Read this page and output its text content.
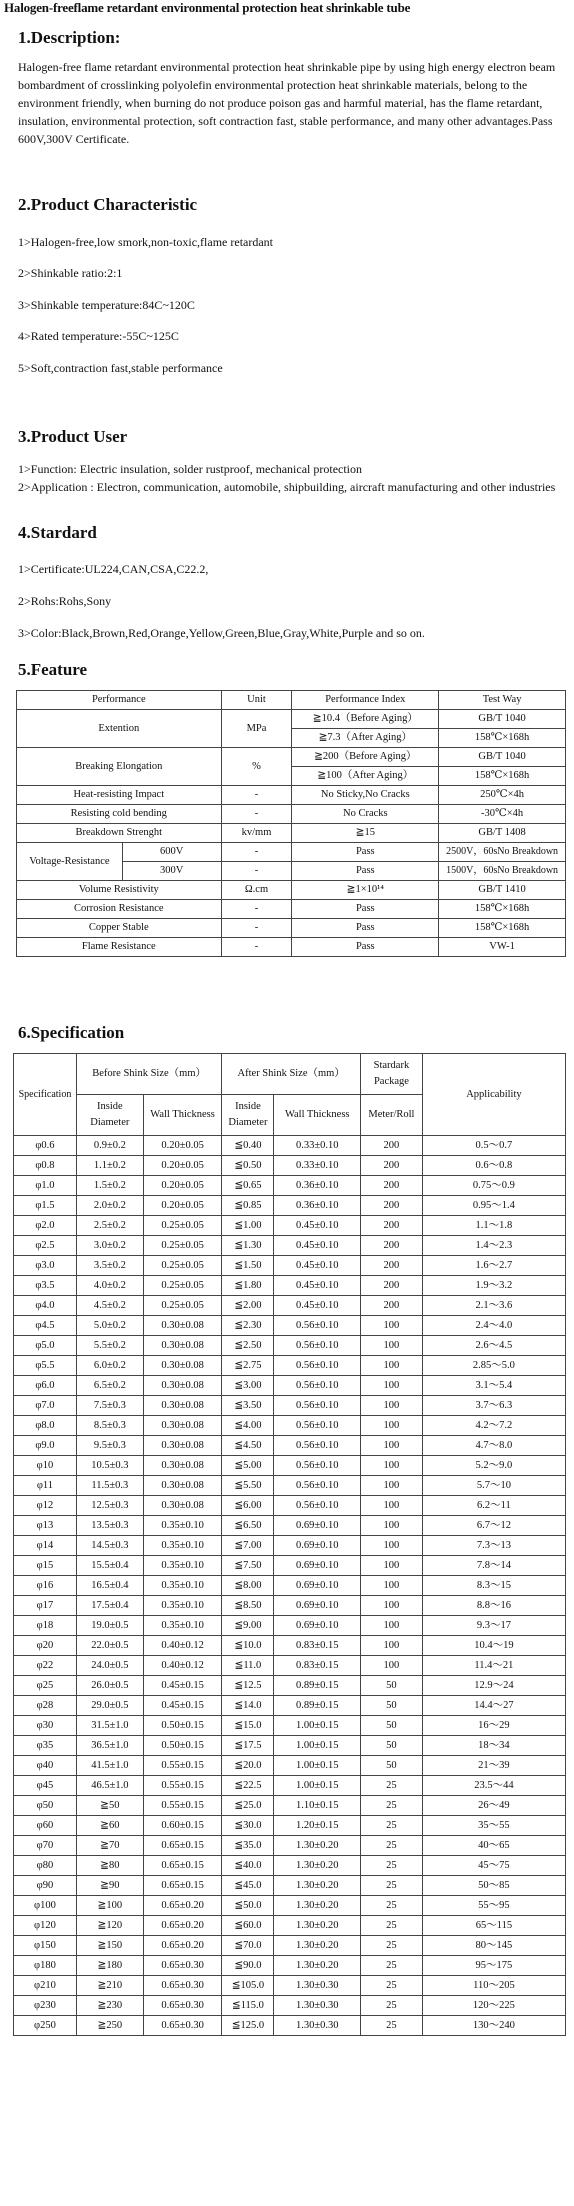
Halogen-freeflame retardant environmental protection heat shrinkable tube
1.Description:
Halogen-free flame retardant environmental protection heat shrinkable pipe by using high energy electron beam bombardment of crosslinking polyolefin environmental protection heat shrinkable materials, belong to the environment friendly, when burning do not produce poison gas and harmful material, has the flame retardant, insulation, environmental protection, soft contraction fast, stable performance, and many other advantages.Pass 600V,300V Certificate.
2.Product Characteristic
1>Halogen-free,low smork,non-toxic,flame retardant
2>Shinkable ratio:2:1
3>Shinkable temperature:84C~120C
4>Rated temperature:-55C~125C
5>Soft,contraction fast,stable performance
3.Product User
1>Function: Electric insulation, solder rustproof, mechanical protection
2>Application : Electron, communication, automobile, shipbuilding, aircraft manufacturing and other industries
4.Stardard
1>Certificate:UL224,CAN,CSA,C22.2,
2>Rohs:Rohs,Sony
3>Color:Black,Brown,Red,Orange,Yellow,Green,Blue,Gray,White,Purple and so on.
5.Feature
Performance		Unit	Performance Index	Test Way
Extention		MPa	≧10.4（Before Aging）	GB/T 1040
			≧7.3（After Aging）	158℃×168h
Breaking Elongation		%	≧200（Before Aging）	GB/T 1040
			≧100（After Aging）	158℃×168h
Heat-resisting Impact		-	No Sticky,No Cracks	250℃×4h
Resisting cold bending		-	No Cracks	-30℃×4h
Breakdown Strenght		kv/mm	≧15	GB/T 1408
Voltage-Resistance	600V	-	Pass	2500V，60sNo Breakdown
	300V	-	Pass	1500V，60sNo Breakdown
Volume Resistivity		Ω.cm	≧1×10¹⁴	GB/T 1410
Corrosion Resistance		-	Pass	158℃×168h
Copper Stable		-	Pass	158℃×168h
Flame Resistance		-	Pass	VW-1
6.Specification
Specification	Before Shink Size（mm）		After Shink Size（mm）		Stardark Package	Applicability
	Inside Diameter	Wall Thickness	Inside Diameter	Wall Thickness	Meter/Roll	
φ0.6	0.9±0.2	0.20±0.05	≦0.40	0.33±0.10	200	0.5～0.7
φ0.8	1.1±0.2	0.20±0.05	≦0.50	0.33±0.10	200	0.6～0.8
φ1.0	1.5±0.2	0.20±0.05	≦0.65	0.36±0.10	200	0.75～0.9
φ1.5	2.0±0.2	0.20±0.05	≦0.85	0.36±0.10	200	0.95～1.4
φ2.0	2.5±0.2	0.25±0.05	≦1.00	0.45±0.10	200	1.1～1.8
φ2.5	3.0±0.2	0.25±0.05	≦1.30	0.45±0.10	200	1.4～2.3
φ3.0	3.5±0.2	0.25±0.05	≦1.50	0.45±0.10	200	1.6～2.7
φ3.5	4.0±0.2	0.25±0.05	≦1.80	0.45±0.10	200	1.9～3.2
φ4.0	4.5±0.2	0.25±0.05	≦2.00	0.45±0.10	200	2.1～3.6
φ4.5	5.0±0.2	0.30±0.08	≦2.30	0.56±0.10	100	2.4～4.0
φ5.0	5.5±0.2	0.30±0.08	≦2.50	0.56±0.10	100	2.6～4.5
φ5.5	6.0±0.2	0.30±0.08	≦2.75	0.56±0.10	100	2.85～5.0
φ6.0	6.5±0.2	0.30±0.08	≦3.00	0.56±0.10	100	3.1～5.4
φ7.0	7.5±0.3	0.30±0.08	≦3.50	0.56±0.10	100	3.7～6.3
φ8.0	8.5±0.3	0.30±0.08	≦4.00	0.56±0.10	100	4.2～7.2
φ9.0	9.5±0.3	0.30±0.08	≦4.50	0.56±0.10	100	4.7～8.0
φ10	10.5±0.3	0.30±0.08	≦5.00	0.56±0.10	100	5.2～9.0
φ11	11.5±0.3	0.30±0.08	≦5.50	0.56±0.10	100	5.7～10
φ12	12.5±0.3	0.30±0.08	≦6.00	0.56±0.10	100	6.2～11
φ13	13.5±0.3	0.35±0.10	≦6.50	0.69±0.10	100	6.7～12
φ14	14.5±0.3	0.35±0.10	≦7.00	0.69±0.10	100	7.3～13
φ15	15.5±0.4	0.35±0.10	≦7.50	0.69±0.10	100	7.8～14
φ16	16.5±0.4	0.35±0.10	≦8.00	0.69±0.10	100	8.3～15
φ17	17.5±0.4	0.35±0.10	≦8.50	0.69±0.10	100	8.8～16
φ18	19.0±0.5	0.35±0.10	≦9.00	0.69±0.10	100	9.3～17
φ20	22.0±0.5	0.40±0.12	≦10.0	0.83±0.15	100	10.4～19
φ22	24.0±0.5	0.40±0.12	≦11.0	0.83±0.15	100	11.4～21
φ25	26.0±0.5	0.45±0.15	≦12.5	0.89±0.15	50	12.9～24
φ28	29.0±0.5	0.45±0.15	≦14.0	0.89±0.15	50	14.4～27
φ30	31.5±1.0	0.50±0.15	≦15.0	1.00±0.15	50	16～29
φ35	36.5±1.0	0.50±0.15	≦17.5	1.00±0.15	50	18～34
φ40	41.5±1.0	0.55±0.15	≦20.0	1.00±0.15	50	21～39
φ45	46.5±1.0	0.55±0.15	≦22.5	1.00±0.15	25	23.5～44
φ50	≧50	0.55±0.15	≦25.0	1.10±0.15	25	26～49
φ60	≧60	0.60±0.15	≦30.0	1.20±0.15	25	35～55
φ70	≧70	0.65±0.15	≦35.0	1.30±0.20	25	40～65
φ80	≧80	0.65±0.15	≦40.0	1.30±0.20	25	45～75
φ90	≧90	0.65±0.15	≦45.0	1.30±0.20	25	50～85
φ100	≧100	0.65±0.20	≦50.0	1.30±0.20	25	55～95
φ120	≧120	0.65±0.20	≦60.0	1.30±0.20	25	65～115
φ150	≧150	0.65±0.20	≦70.0	1.30±0.20	25	80～145
φ180	≧180	0.65±0.30	≦90.0	1.30±0.20	25	95～175
φ210	≧210	0.65±0.30	≦105.0	1.30±0.30	25	110～205
φ230	≧230	0.65±0.30	≦115.0	1.30±0.30	25	120～225
φ250	≧250	0.65±0.30	≦125.0	1.30±0.30	25	130～240
